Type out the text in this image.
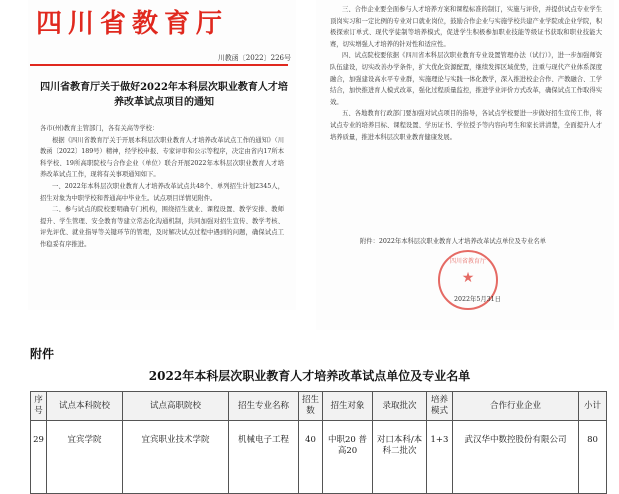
四川省教育厅
川教函〔2022〕226号
四川省教育厅关于做好2022年本科层次职业教育人才培养改革试点项目的通知
各市(州)教育主管部门，各有关高等学校：
根据《四川省教育厅关于开展本科层次职业教育人才培养改革试点工作的通知》（川教函〔2022〕189号）精神，经学校申报、专家评审和公示等程序，决定由省内17所本科学校、19所高职院校与合作企业（单位）联合开展2022年本科层次职业教育人才培养改革试点工作，现将有关事项通知如下。
一、2022年本科层次职业教育人才培养改革试点共48个、单列招生计划2345人，招生对象为中职学校和普通高中毕业生。试点项目详情见附件。
二、参与试点的院校要明确专门机构，围绕招生就业、课程设置、教学安排、教师提升、学生管理、安全教育等建立常态化沟通机制，共同加强对招生宣传、教学考核、评先评优、就业指导等关键环节的管理，及时解决试点过程中遇到的问题，确保试点工作稳妥有序推进。
三、合作企业要全面参与人才培养方案和课程标准的制订，实施与评价，并提供试点专业学生顶岗实习和一定比例的专业对口就业岗位，鼓励合作企业与实施学校共建产业学院或企业学院，积极探索订单式、现代学徒制等培养模式，促进学生积极参加职业技能等级证书获取和职业技能大赛，切实增强人才培养的针对性和适应性。
四、试点院校要依据《四川省本科层次职业教育专业设置管理办法（试行）》，进一步加强师资队伍建设，切实改善办学条件，扩大优化资源配置，继续发挥区域优势，注重与现代产业体系深度融合，加强建设高水平专业群，实施理论与实践一体化教学，深入推进校企合作、产教融合、工学结合，加快推进育人模式改革，强化过程质量监控，推进学业评价方式改革，确保试点工作取得实效。
五、各地教育行政部门要加强对试点项目的指导，各试点学校要进一步做好招生宣传工作，将试点专业的培养目标、课程设置、学历证书、学位授予等内容向考生和家长讲清楚，全面提升人才培养质量，推进本科层次职业教育健康发展。
附件：2022年本科层次职业教育人才培养改革试点单位及专业名单
四川省教育厅
★
2022年5月31日
附件
2022年本科层次职业教育人才培养改革试点单位及专业名单
序号	试点本科院校	试点高职院校	招生专业名称	招生数	招生对象	录取批次	培养模式	合作行业企业	小计
29	宜宾学院	宜宾职业技术学院	机械电子工程	40	中职20 普高20	对口本科/本科二批次	1+3	武汉华中数控股份有限公司	80
